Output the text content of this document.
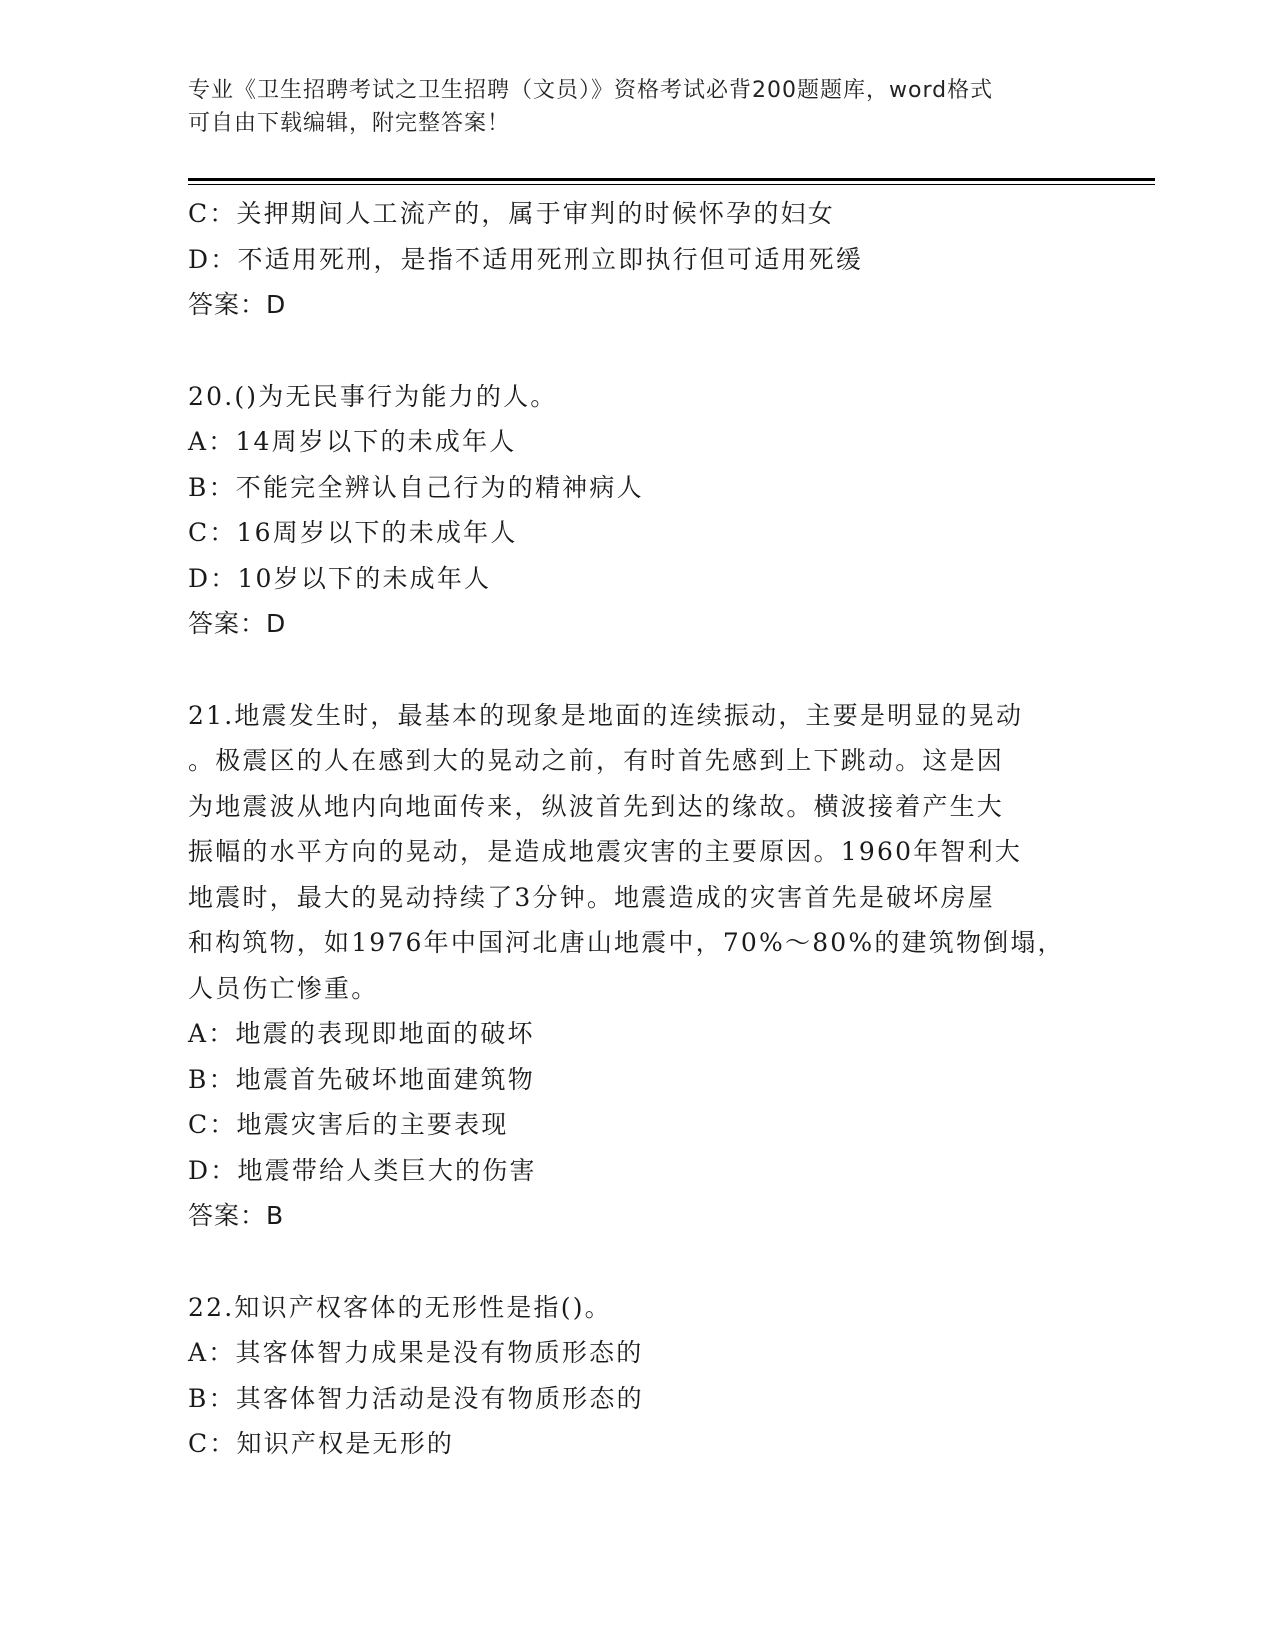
专业《卫生招聘考试之卫生招聘（文员）》资格考试必背200题题库，word格式
可自由下载编辑，附完整答案！
C：关押期间人工流产的，属于审判的时候怀孕的妇女
D：不适用死刑，是指不适用死刑立即执行但可适用死缓
答案：D
20.()为无民事行为能力的人。
A：14周岁以下的未成年人
B：不能完全辨认自己行为的精神病人
C：16周岁以下的未成年人
D：10岁以下的未成年人
答案：D
21.地震发生时，最基本的现象是地面的连续振动，主要是明显的晃动
。极震区的人在感到大的晃动之前，有时首先感到上下跳动。这是因
为地震波从地内向地面传来，纵波首先到达的缘故。横波接着产生大
振幅的水平方向的晃动，是造成地震灾害的主要原因。1960年智利大
地震时，最大的晃动持续了3分钟。地震造成的灾害首先是破坏房屋
和构筑物，如1976年中国河北唐山地震中，70%～80%的建筑物倒塌，
人员伤亡惨重。
A：地震的表现即地面的破坏
B：地震首先破坏地面建筑物
C：地震灾害后的主要表现
D：地震带给人类巨大的伤害
答案：B
22.知识产权客体的无形性是指()。
A：其客体智力成果是没有物质形态的
B：其客体智力活动是没有物质形态的
C：知识产权是无形的
